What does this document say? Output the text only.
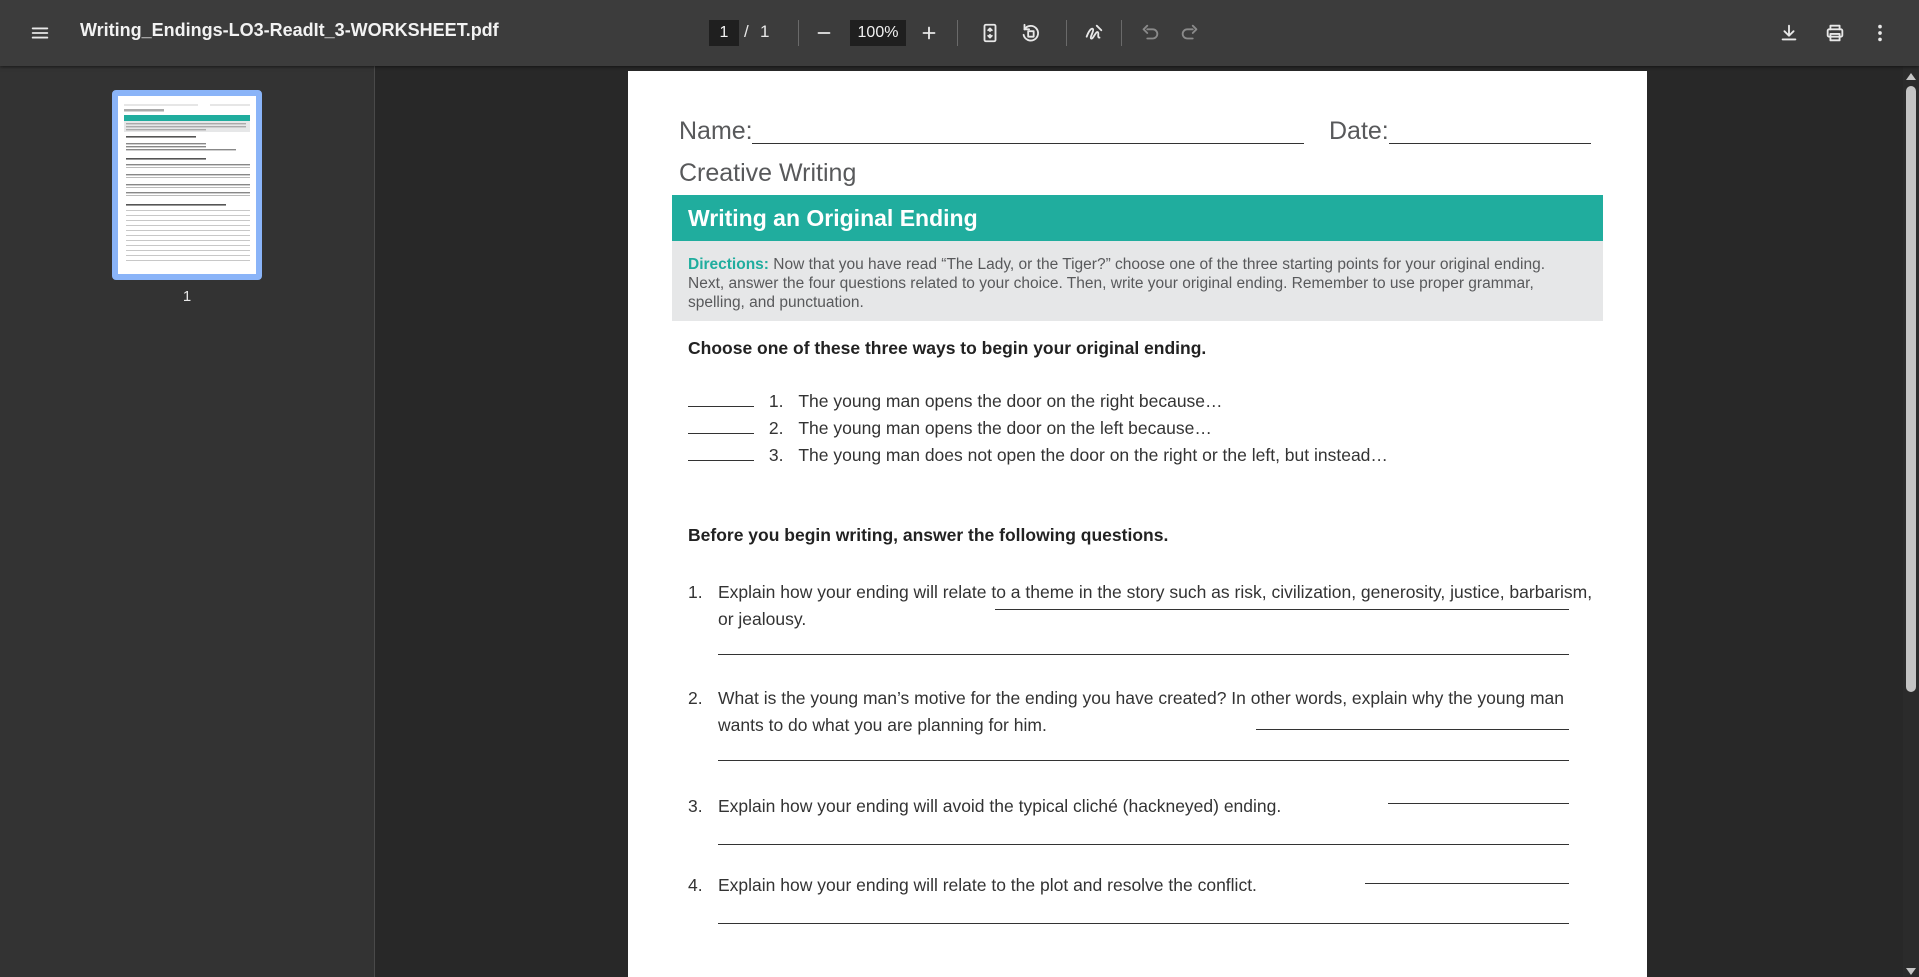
Writing_Endings-LO3-ReadIt_3-WORKSHEET.pdf	1 / 1	100%
1
Name:	Date:
Creative Writing
Writing an Original Ending
Directions: Now that you have read “The Lady, or the Tiger?” choose one of the three starting points for your original ending. Next, answer the four questions related to your choice. Then, write your original ending. Remember to use proper grammar, spelling, and punctuation.
Choose one of these three ways to begin your original ending.
1. The young man opens the door on the right because…
2. The young man opens the door on the left because…
3. The young man does not open the door on the right or the left, but instead…
Before you begin writing, answer the following questions.
1. Explain how your ending will relate to a theme in the story such as risk, civilization, generosity, justice, barbarism, or jealousy.
2. What is the young man’s motive for the ending you have created? In other words, explain why the young man wants to do what you are planning for him.
3. Explain how your ending will avoid the typical cliché (hackneyed) ending.
4. Explain how your ending will relate to the plot and resolve the conflict.
